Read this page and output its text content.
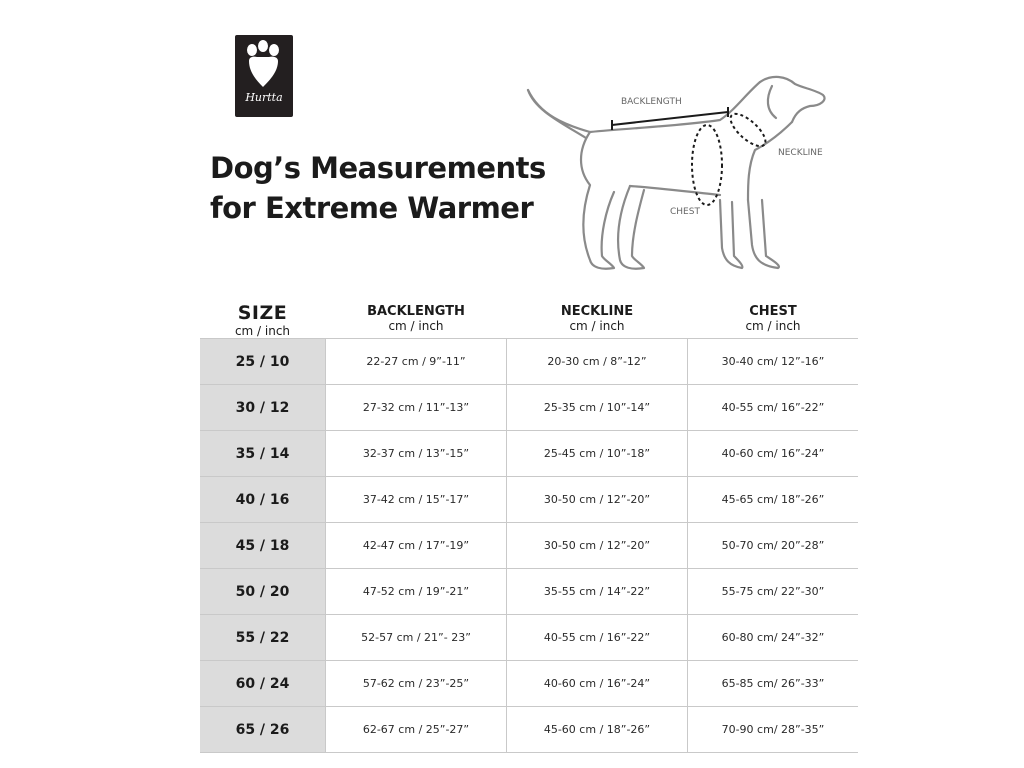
Hurtta
Dog’s Measurements
for Extreme Warmer
BACKLENGTH
NECKLINE
CHEST
SIZE
cm / inch
BACKLENGTH
cm / inch
NECKLINE
cm / inch
CHEST
cm / inch
25 / 10	22-27 cm / 9”-11”	20-30 cm / 8”-12”	30-40 cm/ 12”-16”
30 / 12	27-32 cm / 11”-13”	25-35 cm / 10”-14”	40-55 cm/ 16”-22”
35 / 14	32-37 cm / 13”-15”	25-45 cm / 10”-18”	40-60 cm/ 16”-24”
40 / 16	37-42 cm / 15”-17”	30-50 cm / 12”-20”	45-65 cm/ 18”-26”
45 / 18	42-47 cm / 17”-19”	30-50 cm / 12”-20”	50-70 cm/ 20”-28”
50 / 20	47-52 cm / 19”-21”	35-55 cm / 14”-22”	55-75 cm/ 22”-30”
55 / 22	52-57 cm / 21”- 23”	40-55 cm / 16”-22”	60-80 cm/ 24”-32”
60 / 24	57-62 cm / 23”-25”	40-60 cm / 16”-24”	65-85 cm/ 26”-33”
65 / 26	62-67 cm / 25”-27”	45-60 cm / 18”-26”	70-90 cm/ 28”-35”
